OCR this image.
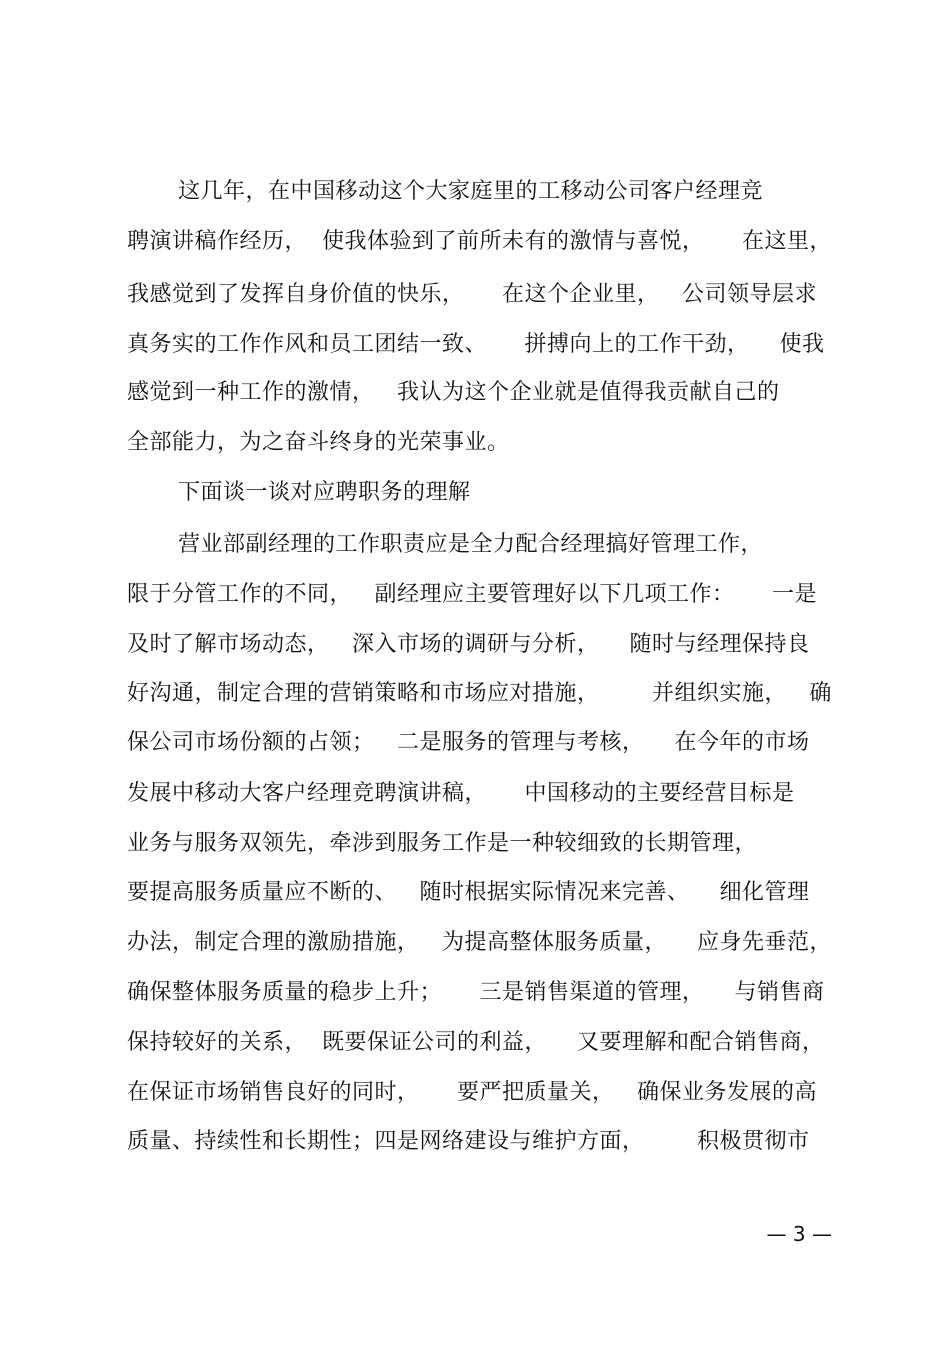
这几年，在中国移动这个大家庭里的工移动公司客户经理竞
聘演讲稿作经历，  使我体验到了前所未有的激情与喜悦，     在这里，
我感觉到了发挥自身价值的快乐，     在这个企业里，   公司领导层求
真务实的工作作风和员工团结一致、     拼搏向上的工作干劲，    使我
感觉到一种工作的激情，   我认为这个企业就是值得我贡献自己的
全部能力，为之奋斗终身的光荣事业。
下面谈一谈对应聘职务的理解
营业部副经理的工作职责应是全力配合经理搞好管理工作，
限于分管工作的不同，   副经理应主要管理好以下几项工作：     一是
及时了解市场动态，   深入市场的调研与分析，    随时与经理保持良
好沟通，制定合理的营销策略和市场应对措施，       并组织实施，   确
保公司市场份额的占领；   二是服务的管理与考核，    在今年的市场
发展中移动大客户经理竞聘演讲稿，     中国移动的主要经营目标是
业务与服务双领先，牵涉到服务工作是一种较细致的长期管理，
要提高服务质量应不断的、   随时根据实际情况来完善、    细化管理
办法，制定合理的激励措施，   为提高整体服务质量，    应身先垂范，
确保整体服务质量的稳步上升；     三是销售渠道的管理，    与销售商
保持较好的关系，  既要保证公司的利益，    又要理解和配合销售商，
在保证市场销售良好的同时，     要严把质量关，   确保业务发展的高
质量、持续性和长期性；四是网络建设与维护方面，       积极贯彻市
— 3 —
